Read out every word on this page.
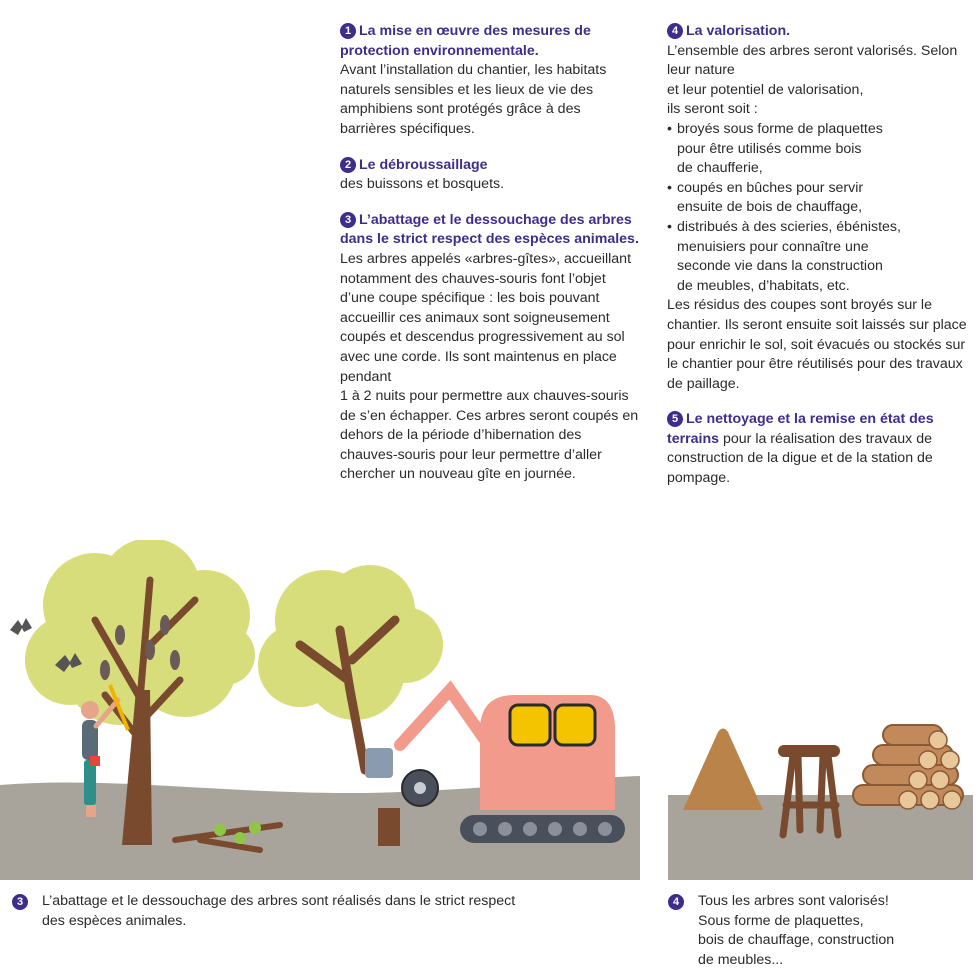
1 La mise en œuvre des mesures de protection environnementale.
Avant l’installation du chantier, les habitats naturels sensibles et les lieux de vie des amphibiens sont protégés grâce à des barrières spécifiques.
2 Le débroussaillage
des buissons et bosquets.
3 L’abattage et le dessouchage des arbres dans le strict respect des espèces animales.
Les arbres appelés «arbres-gîtes», accueillant notamment des chauves-souris font l’objet d’une coupe spécifique : les bois pouvant accueillir ces animaux sont soigneusement coupés et descendus progressivement au sol avec une corde. Ils sont maintenus en place pendant
1 à 2 nuits pour permettre aux chauves-souris de s’en échapper. Ces arbres seront coupés en dehors de la période d’hibernation des chauves-souris pour leur permettre d’aller chercher un nouveau gîte en journée.
4 La valorisation.
L’ensemble des arbres seront valorisés. Selon leur nature
et leur potentiel de valorisation,
ils seront soit :
• broyés sous forme de plaquettes
pour être utilisés comme bois
de chaufferie,
• coupés en bûches pour servir
ensuite de bois de chauffage,
• distribués à des scieries, ébénistes,
menuisiers pour connaître une
seconde vie dans la construction
de meubles, d’habitats, etc.
Les résidus des coupes sont broyés sur le chantier. Ils seront ensuite soit laissés sur place pour enrichir le sol, soit évacués ou stockés sur le chantier pour être réutilisés pour des travaux de paillage.
5 Le nettoyage et la remise en état des terrains pour la réalisation des travaux de construction de la digue et de la station de pompage.
3	L’abattage et le dessouchage des arbres sont réalisés dans le strict respect
des espèces animales.
4	Tous les arbres sont valorisés!
Sous forme de plaquettes,
bois de chauffage, construction
de meubles...
